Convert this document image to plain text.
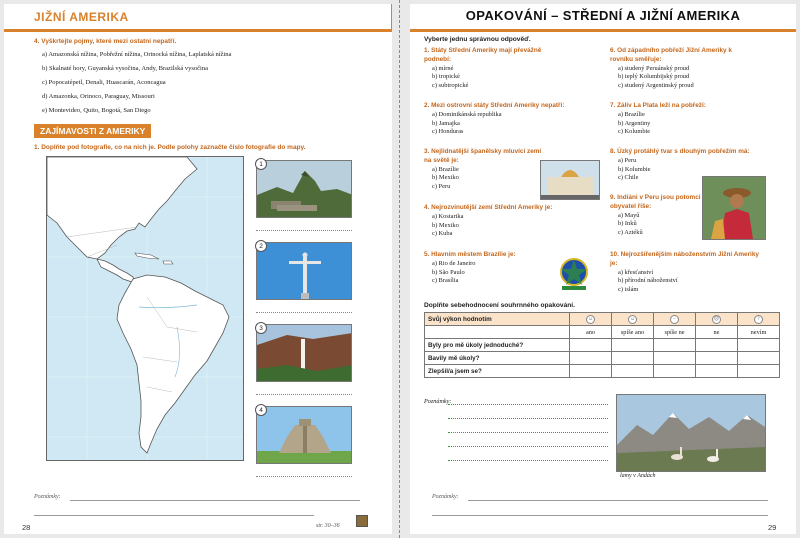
JIŽNÍ AMERIKA
4. Vyškrtejte pojmy, které mezi ostatní nepatří.
a) Amazonská nížina, Pobřežní nížina, Orinocká nížina, Laplatská nížina
b) Skalnaté hory, Guyanská vysočina, Andy, Brazilská vysočina
c) Popocatépetl, Denali, Huascarán, Aconcagua
d) Amazonka, Orinoco, Paraguay, Missouri
e) Montevideo, Quito, Bogotá, San Diego
ZAJÍMAVOSTI Z AMERIKY
1. Doplňte pod fotografie, co na nich je. Podle polohy zaznačte číslo fotografie do mapy.
1
2
3
4
Poznámky:
28	str. 30–36
OPAKOVÁNÍ – STŘEDNÍ A JIŽNÍ AMERIKA
Vyberte jednu správnou odpověď.
1. Státy Střední Ameriky mají převážně podnebí:
a) mírné
b) tropické
c) subtropické
2. Mezi ostrovní státy Střední Ameriky nepatří:
a) Dominikánská republika
b) Jamajka
c) Honduras
3. Nejlidnatější španělsky mluvící zemí na světě je:
a) Brazílie
b) Mexiko
c) Peru
4. Nejrozvinutější zemí Střední Ameriky je:
a) Kostarika
b) Mexiko
c) Kuba
5. Hlavním městem Brazílie je:
a) Rio de Janeiro
b) São Paulo
c) Brasília
6. Od západního pobřeží Jižní Ameriky k rovníku směřuje:
a) studený Peruánský proud
b) teplý Kolumbijský proud
c) studený Argentinský proud
7. Záliv La Plata leží na pobřeží:
a) Brazílie
b) Argentiny
c) Kolumbie
8. Úzký protáhlý tvar s dlouhým pobřežím má:
a) Peru
b) Kolumbie
c) Chile
9. Indiáni v Peru jsou potomci obyvatel říše:
a) Mayů
b) Inků
c) Aztéků
10. Nejrozšířenějším náboženstvím Jižní Ameriky je:
a) křesťanství
b) přírodní náboženství
c) islám
Doplňte sebehodnocení souhrnného opakování.
Svůj výkon hodnotím	☺	☺	–	☹	?
	ano	spíše ano	spíše ne	ne	nevím
Byly pro mě úkoly jednoduché?					
Bavily mě úkoly?					
Zlepšil/a jsem se?					
Poznámky:
lamy v Andách
Poznámky:
29
